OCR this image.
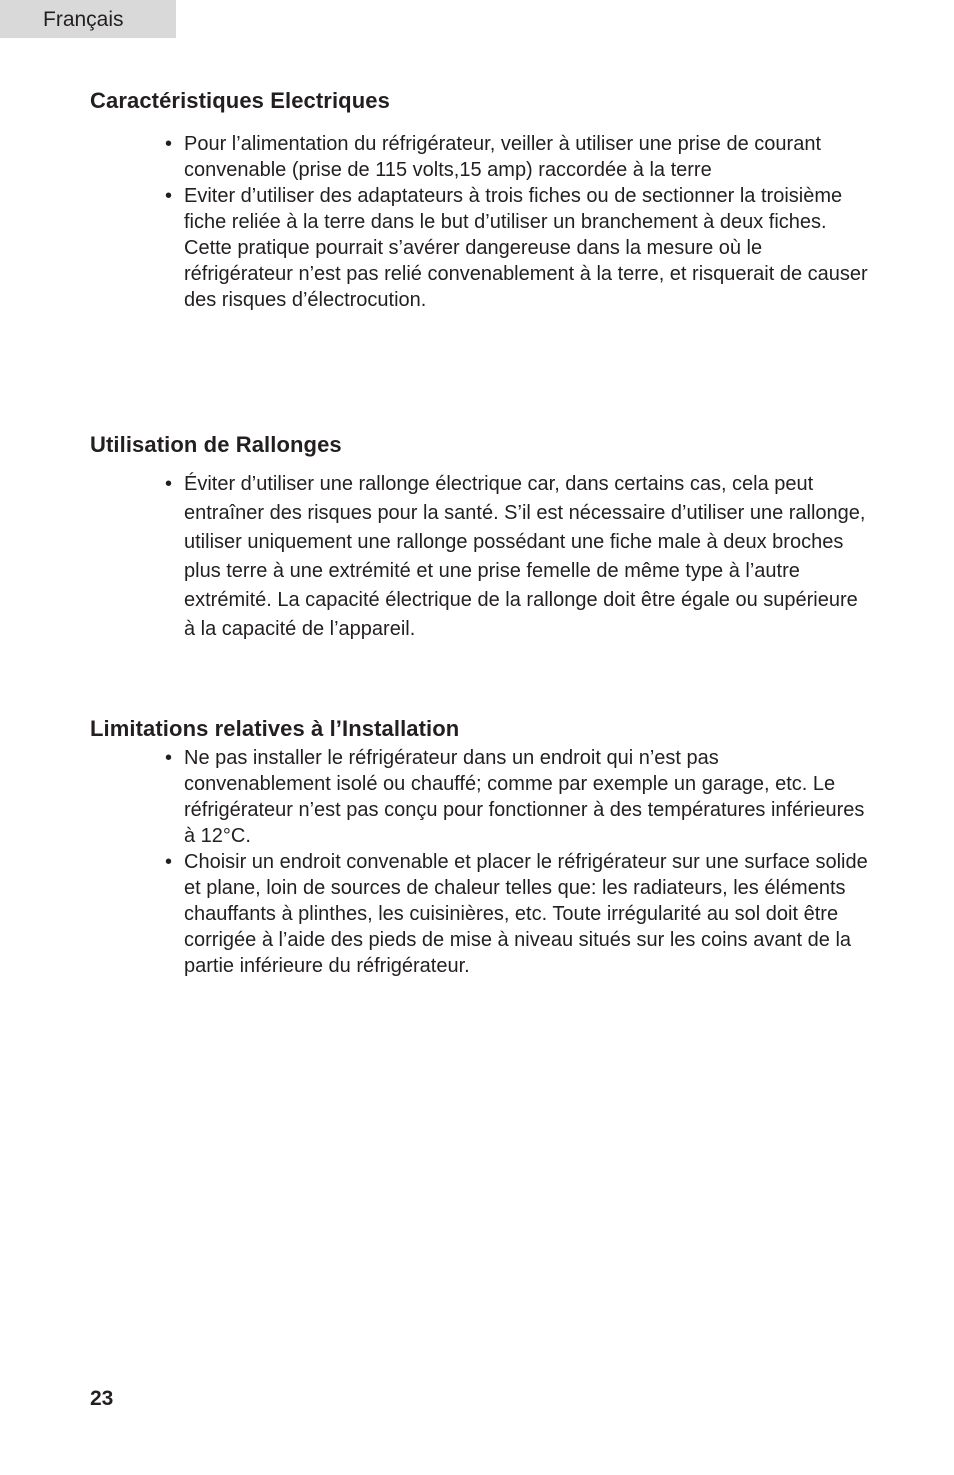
Français
Caractéristiques Electriques
• Pour l’alimentation du réfrigérateur, veiller à utiliser une prise de courant convenable (prise de 115 volts,15 amp) raccordée à la terre
• Eviter d’utiliser des adaptateurs à trois fiches ou de sectionner la troisième fiche reliée à la terre dans le but d’utiliser un branchement à deux fiches. Cette pratique pourrait s’avérer dangereuse dans la mesure où le réfrigérateur n’est pas relié convenablement à la terre, et risquerait de causer des risques d’électrocution.
Utilisation de Rallonges
• Éviter d’utiliser une rallonge électrique car, dans certains cas, cela peut entraîner des risques pour la santé. S’il est nécessaire d’utiliser une rallonge, utiliser uniquement une rallonge possédant une fiche male à deux broches plus terre à une extrémité et une prise femelle de même type à l’autre extrémité. La capacité électrique de la rallonge doit être égale ou supérieure à la capacité de l’appareil.
Limitations relatives à l’Installation
• Ne pas installer le réfrigérateur dans un endroit qui n’est pas convenablement isolé ou chauffé; comme par exemple un garage, etc. Le réfrigérateur n’est pas conçu pour fonctionner à des températures inférieures à 12°C.
• Choisir un endroit convenable et placer le réfrigérateur sur une surface solide et plane, loin de sources de chaleur telles que: les radiateurs, les éléments chauffants à plinthes, les cuisinières, etc. Toute irrégularité au sol doit être corrigée à l’aide des pieds de mise à niveau situés sur les coins avant de la partie inférieure du réfrigérateur.
23
